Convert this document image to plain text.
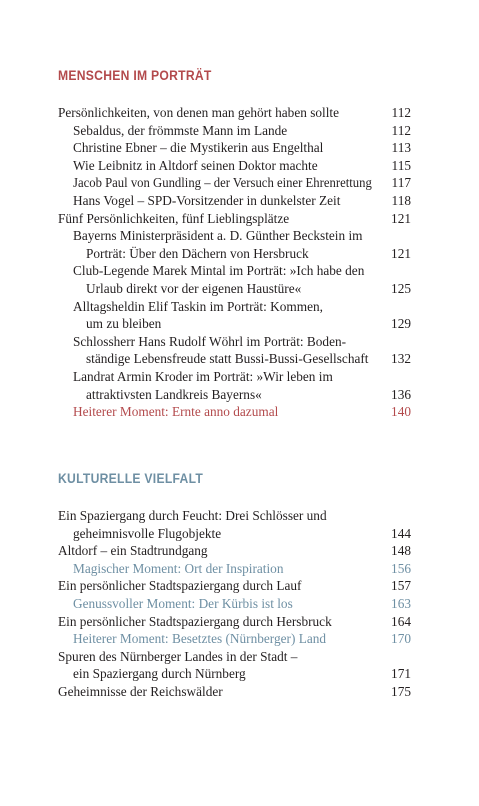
MENSCHEN IM PORTRÄT
Persönlichkeiten, von denen man gehört haben sollte	112
Sebaldus, der frömmste Mann im Lande	112
Christine Ebner – die Mystikerin aus Engelthal	113
Wie Leibnitz in Altdorf seinen Doktor machte	115
Jacob Paul von Gundling – der Versuch einer Ehrenrettung	117
Hans Vogel – SPD-Vorsitzender in dunkelster Zeit	118
Fünf Persönlichkeiten, fünf Lieblingsplätze	121
Bayerns Ministerpräsident a. D. Günther Beckstein im
Porträt: Über den Dächern von Hersbruck	121
Club-Legende Marek Mintal im Porträt: »Ich habe den
Urlaub direkt vor der eigenen Haustüre«	125
Alltagsheldin Elif Taskin im Porträt: Kommen,
um zu bleiben	129
Schlossherr Hans Rudolf Wöhrl im Porträt: Boden-
ständige Lebensfreude statt Bussi-Bussi-Gesellschaft 132
Landrat Armin Kroder im Porträt: »Wir leben im
attraktivsten Landkreis Bayerns«	136
Heiterer Moment: Ernte anno dazumal	140
KULTURELLE VIELFALT
Ein Spaziergang durch Feucht: Drei Schlösser und
geheimnisvolle Flugobjekte	144
Altdorf – ein Stadtrundgang	148
Magischer Moment: Ort der Inspiration	156
Ein persönlicher Stadtspaziergang durch Lauf	157
Genussvoller Moment: Der Kürbis ist los	163
Ein persönlicher Stadtspaziergang durch Hersbruck	164
Heiterer Moment: Besetztes (Nürnberger) Land	170
Spuren des Nürnberger Landes in der Stadt –
ein Spaziergang durch Nürnberg	171
Geheimnisse der Reichswälder	175
